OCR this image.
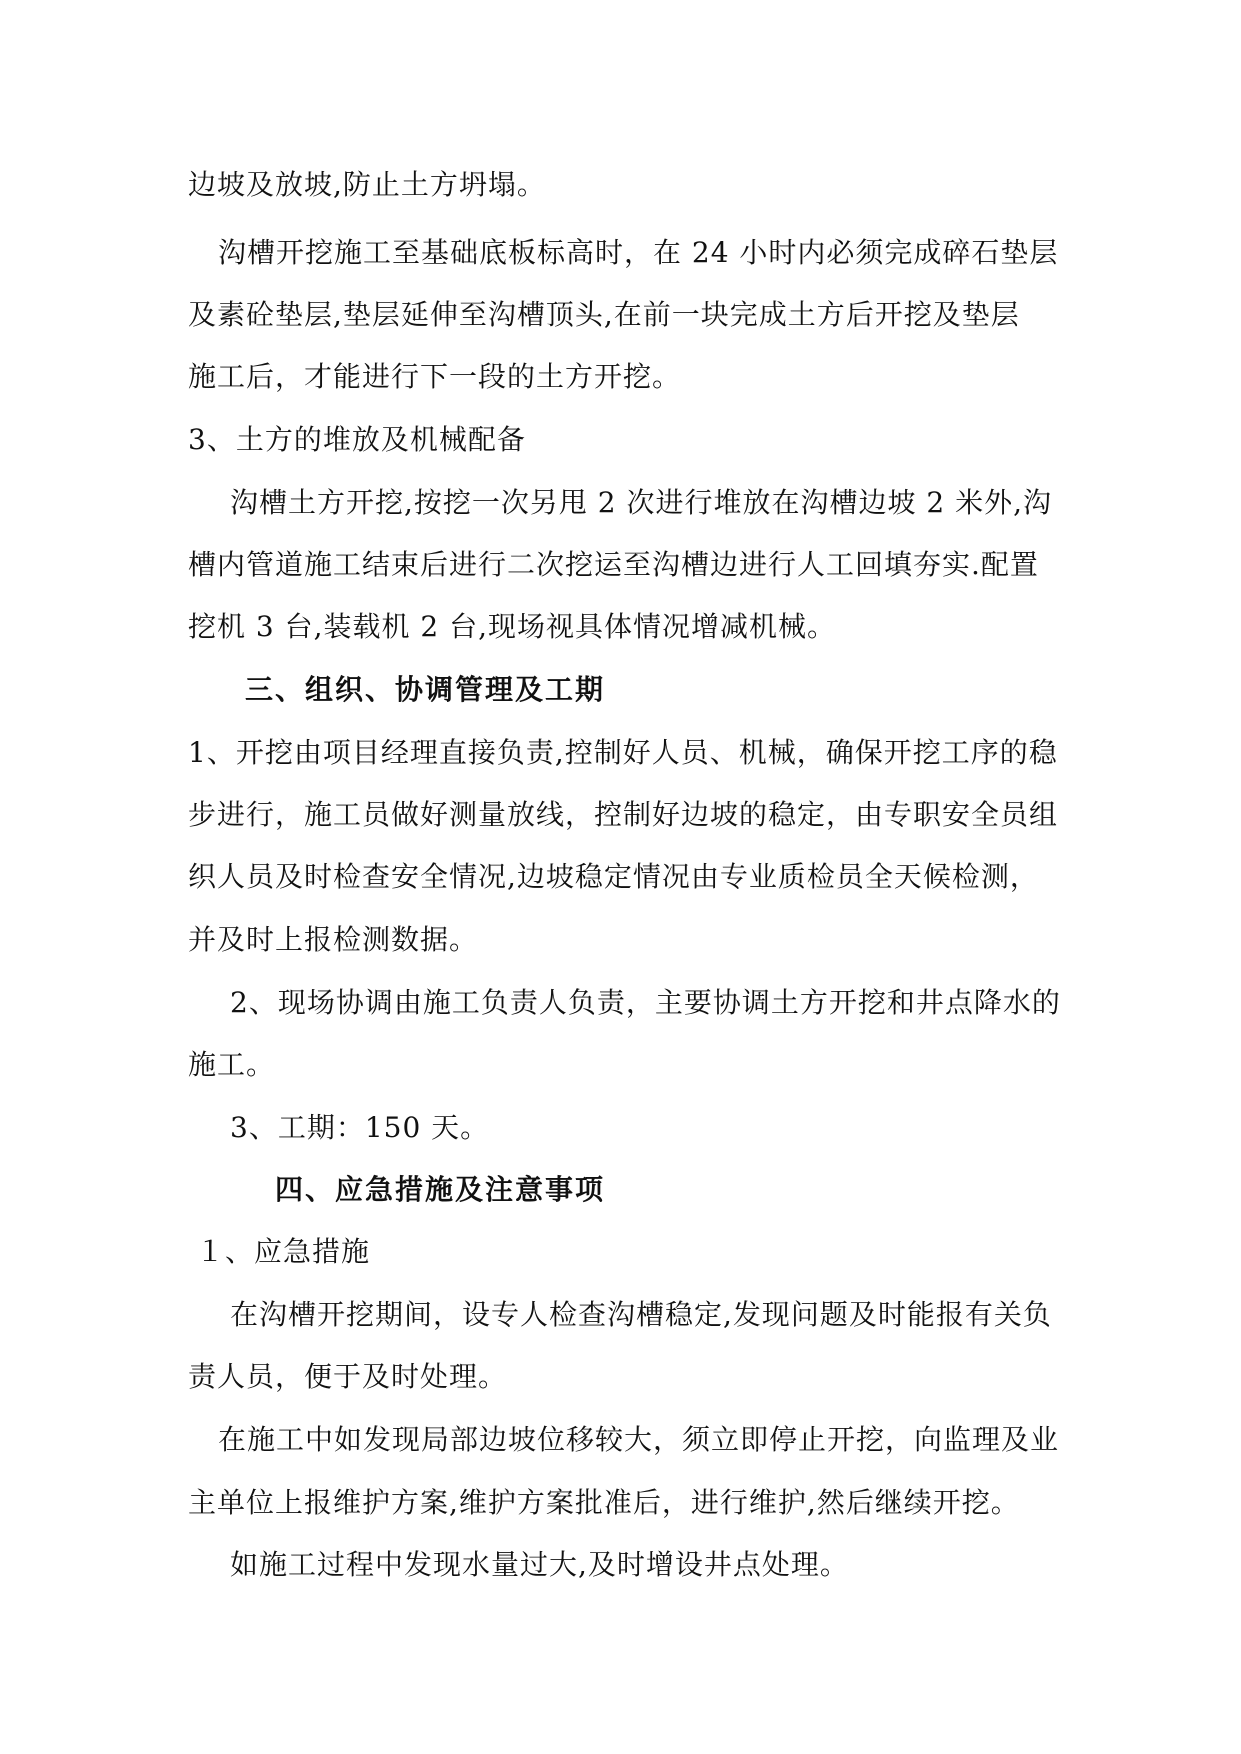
边坡及放坡,防止土方坍塌。
沟槽开挖施工至基础底板标高时，在 24 小时内必须完成碎石垫层
及素砼垫层,垫层延伸至沟槽顶头,在前一块完成土方后开挖及垫层
施工后，才能进行下一段的土方开挖。
3、土方的堆放及机械配备
沟槽土方开挖,按挖一次另甩 2 次进行堆放在沟槽边坡 2 米外,沟
槽内管道施工结束后进行二次挖运至沟槽边进行人工回填夯实.配置
挖机 3 台,装载机 2 台,现场视具体情况增减机械。
三、组织、协调管理及工期
1、开挖由项目经理直接负责,控制好人员、机械，确保开挖工序的稳
步进行，施工员做好测量放线，控制好边坡的稳定，由专职安全员组
织人员及时检查安全情况,边坡稳定情况由专业质检员全天候检测，
并及时上报检测数据。
2、现场协调由施工负责人负责，主要协调土方开挖和井点降水的
施工。
3、工期：150 天。
四、应急措施及注意事项
１、应急措施
在沟槽开挖期间，设专人检查沟槽稳定,发现问题及时能报有关负
责人员，便于及时处理。
在施工中如发现局部边坡位移较大，须立即停止开挖，向监理及业
主单位上报维护方案,维护方案批准后，进行维护,然后继续开挖。
如施工过程中发现水量过大,及时增设井点处理。
